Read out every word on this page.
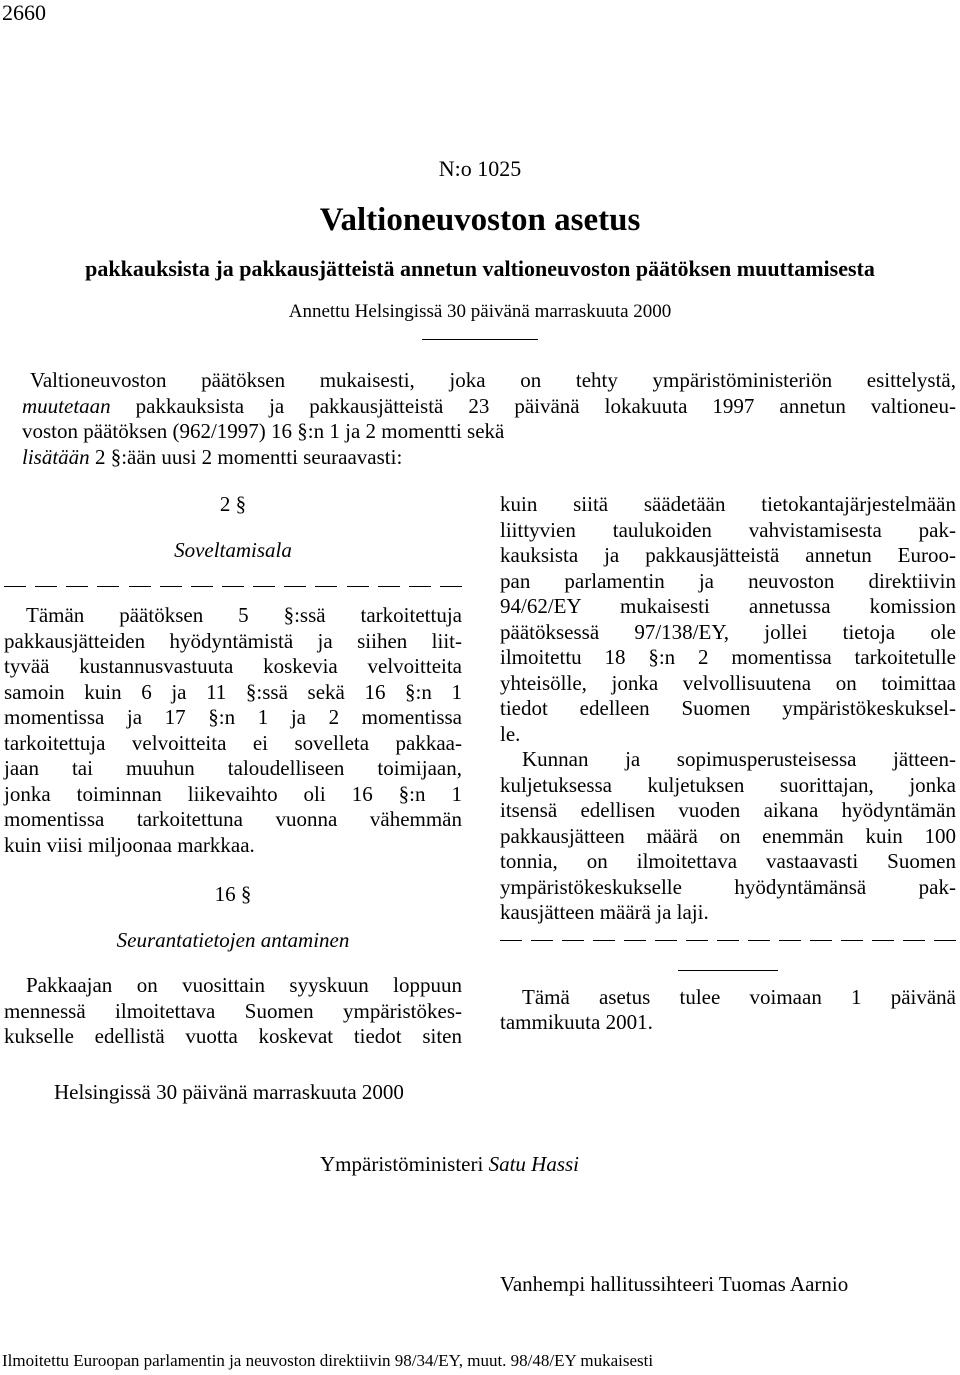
2660
N:o 1025
Valtioneuvoston asetus
pakkauksista ja pakkausjätteistä annetun valtioneuvoston päätöksen muuttamisesta
Annettu Helsingissä 30 päivänä marraskuuta 2000
Valtioneuvoston päätöksen mukaisesti, joka on tehty ympäristöministeriön esittelystä,
muutetaan pakkauksista ja pakkausjätteistä 23 päivänä lokakuuta 1997 annetun valtioneu-
voston päätöksen (962/1997) 16 §:n 1 ja 2 momentti sekä
lisätään 2 §:ään uusi 2 momentti seuraavasti:
2 §
Soveltamisala
Tämän päätöksen 5 §:ssä tarkoitettuja
pakkausjätteiden hyödyntämistä ja siihen liit-
tyvää kustannusvastuuta koskevia velvoitteita
samoin kuin 6 ja 11 §:ssä sekä 16 §:n 1
momentissa ja 17 §:n 1 ja 2 momentissa
tarkoitettuja velvoitteita ei sovelleta pakkaa-
jaan tai muuhun taloudelliseen toimijaan,
jonka toiminnan liikevaihto oli 16 §:n 1
momentissa tarkoitettuna vuonna vähemmän
kuin viisi miljoonaa markkaa.
16 §
Seurantatietojen antaminen
Pakkaajan on vuosittain syyskuun loppuun
mennessä ilmoitettava Suomen ympäristökes-
kukselle edellistä vuotta koskevat tiedot siten
kuin siitä säädetään tietokantajärjestelmään
liittyvien taulukoiden vahvistamisesta pak-
kauksista ja pakkausjätteistä annetun Euroo-
pan parlamentin ja neuvoston direktiivin
94/62/EY mukaisesti annetussa komission
päätöksessä 97/138/EY, jollei tietoja ole
ilmoitettu 18 §:n 2 momentissa tarkoitetulle
yhteisölle, jonka velvollisuutena on toimittaa
tiedot edelleen Suomen ympäristökeskuksel-
le.
Kunnan ja sopimusperusteisessa jätteen-
kuljetuksessa kuljetuksen suorittajan, jonka
itsensä edellisen vuoden aikana hyödyntämän
pakkausjätteen määrä on enemmän kuin 100
tonnia, on ilmoitettava vastaavasti Suomen
ympäristökeskukselle hyödyntämänsä pak-
kausjätteen määrä ja laji.
Tämä asetus tulee voimaan 1 päivänä
tammikuuta 2001.
Helsingissä 30 päivänä marraskuuta 2000
Ympäristöministeri Satu Hassi
Vanhempi hallitussihteeri Tuomas Aarnio
Ilmoitettu Euroopan parlamentin ja neuvoston direktiivin 98/34/EY, muut. 98/48/EY mukaisesti
